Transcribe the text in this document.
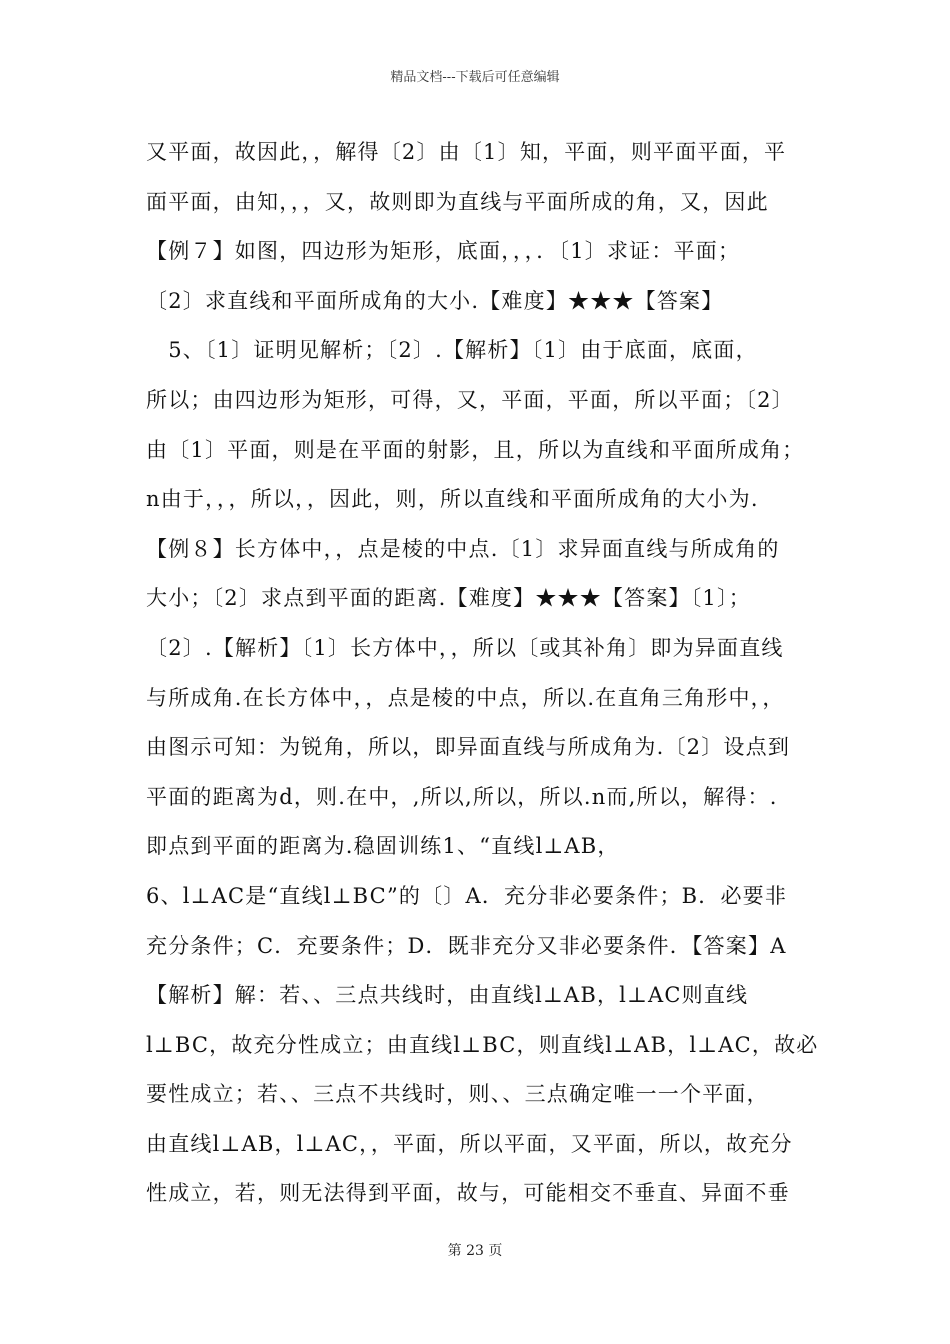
精品文档---下载后可任意编辑
又平面，故因此，，解得〔2〕由〔1〕知，平面，则平面平面，平
面平面，由知，，，又，故则即为直线与平面所成的角，又，因此
【例７】如图，四边形为矩形，底面，，，．〔1〕求证：平面；
〔2〕求直线和平面所成角的大小.【难度】★★★【答案】
　5、〔1〕证明见解析；〔2〕.【解析】〔1〕由于底面，底面，
所以；由四边形为矩形，可得，又，平面，平面，所以平面；〔2〕
由〔1〕平面，则是在平面的射影，且，所以为直线和平面所成角；
n由于，，，所以，，因此，则，所以直线和平面所成角的大小为.
【例８】长方体中，，点是棱的中点.〔1〕求异面直线与所成角的
大小；〔2〕求点到平面的距离.【难度】★★★【答案】〔1〕；
〔2〕.【解析】〔1〕长方体中，，所以〔或其补角〕即为异面直线
与所成角.在长方体中，，点是棱的中点，所以.在直角三角形中，，
由图示可知：为锐角，所以，即异面直线与所成角为.〔2〕设点到
平面的距离为d，则.在中，,所以,所以，所以.n而,所以，解得：.
即点到平面的距离为.稳固训练1、“直线l⊥AB，
6、l⊥AC是“直线l⊥BC”的〔〕A．充分非必要条件；B．必要非
充分条件；C．充要条件；D．既非充分又非必要条件．【答案】A
【解析】解：若、、三点共线时，由直线l⊥AB，l⊥AC则直线
l⊥BC，故充分性成立；由直线l⊥BC，则直线l⊥AB，l⊥AC，故必
要性成立；若、、三点不共线时，则、、三点确定唯一一个平面，
由直线l⊥AB，l⊥AC，，平面，所以平面，又平面，所以，故充分
性成立，若，则无法得到平面，故与，可能相交不垂直、异面不垂
第 23 页
